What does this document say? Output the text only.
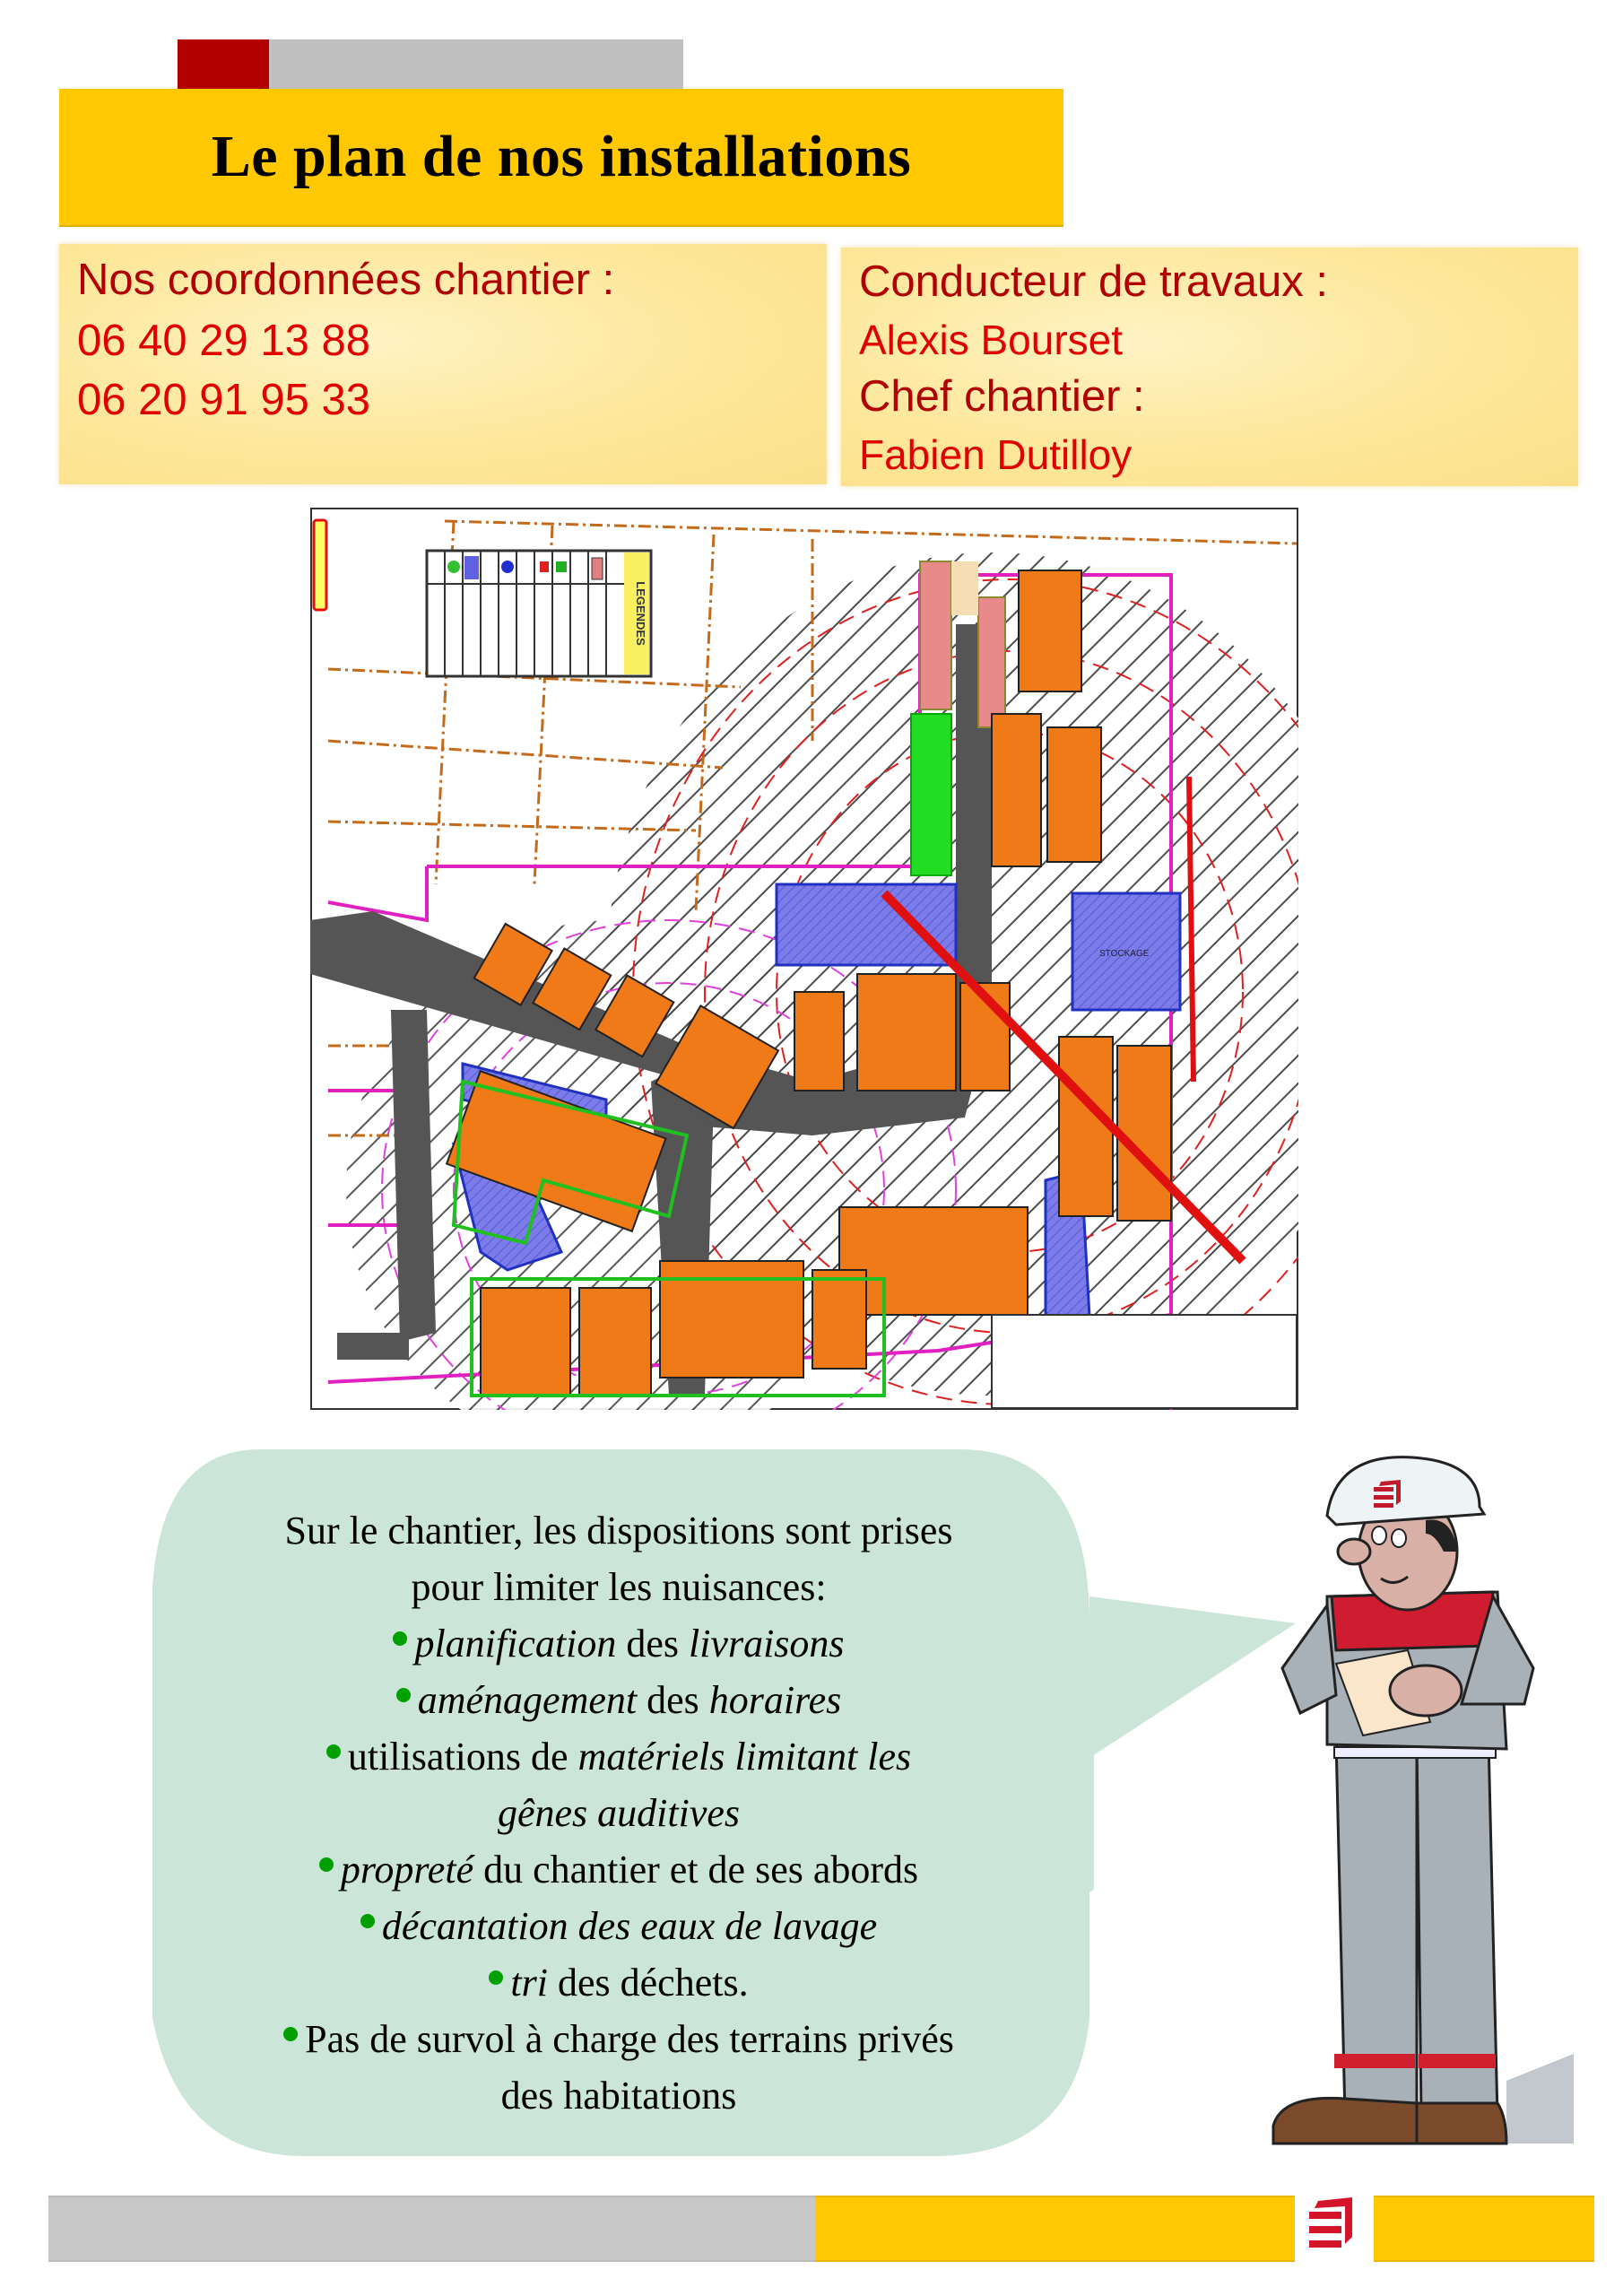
Le plan de nos installations
Nos coordonnées chantier :
06 40 29 13 88
06 20 91 95 33
Conducteur de travaux :
Alexis Bourset
Chef chantier :
Fabien Dutilloy
STOCKAGE
LEGENDES
Sur le chantier, les dispositions sont prises
pour limiter les nuisances:
planification des livraisons
aménagement des horaires
utilisations de matériels limitant les
gênes auditives
propreté du chantier et de ses abords
décantation des eaux de lavage
tri des déchets.
Pas de survol à charge des terrains privés
des habitations
